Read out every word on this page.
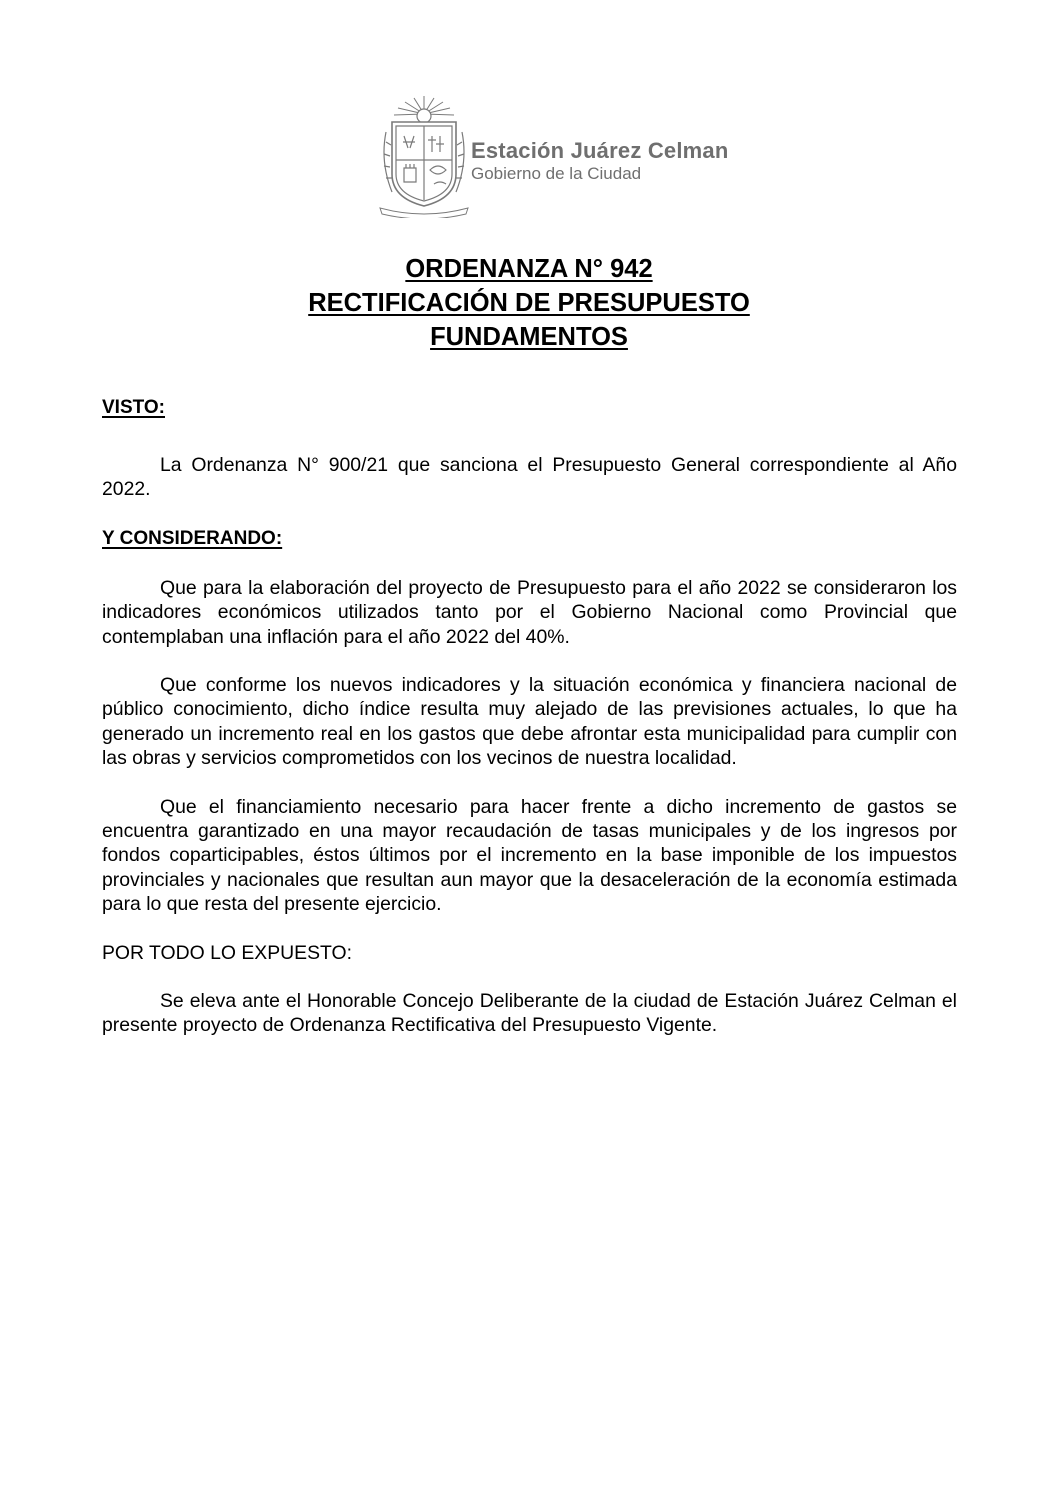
Estación Juárez Celman
Gobierno de la Ciudad
ORDENANZA N° 942
RECTIFICACIÓN DE PRESUPUESTO
FUNDAMENTOS

VISTO:

La Ordenanza N° 900/21 que sanciona el Presupuesto General correspondiente al Año 2022.

Y CONSIDERANDO:

Que para la elaboración del proyecto de Presupuesto para el año 2022 se consideraron los indicadores económicos utilizados tanto por el Gobierno Nacional como Provincial que contemplaban una inflación para el año 2022 del 40%.

Que conforme los nuevos indicadores y la situación económica y financiera nacional de público conocimiento, dicho índice resulta muy alejado de las previsiones actuales, lo que ha generado un incremento real en los gastos que debe afrontar esta municipalidad para cumplir con las obras y servicios comprometidos con los vecinos de nuestra localidad.

Que el financiamiento necesario para hacer frente a dicho incremento de gastos se encuentra garantizado en una mayor recaudación de tasas municipales y de los ingresos por fondos coparticipables, éstos últimos por el incremento en la base imponible de los impuestos provinciales y nacionales que resultan aun mayor que la desaceleración de la economía estimada para lo que resta del presente ejercicio.

POR TODO LO EXPUESTO:

Se eleva ante el Honorable Concejo Deliberante de la ciudad de Estación Juárez Celman el presente proyecto de Ordenanza Rectificativa del Presupuesto Vigente.
